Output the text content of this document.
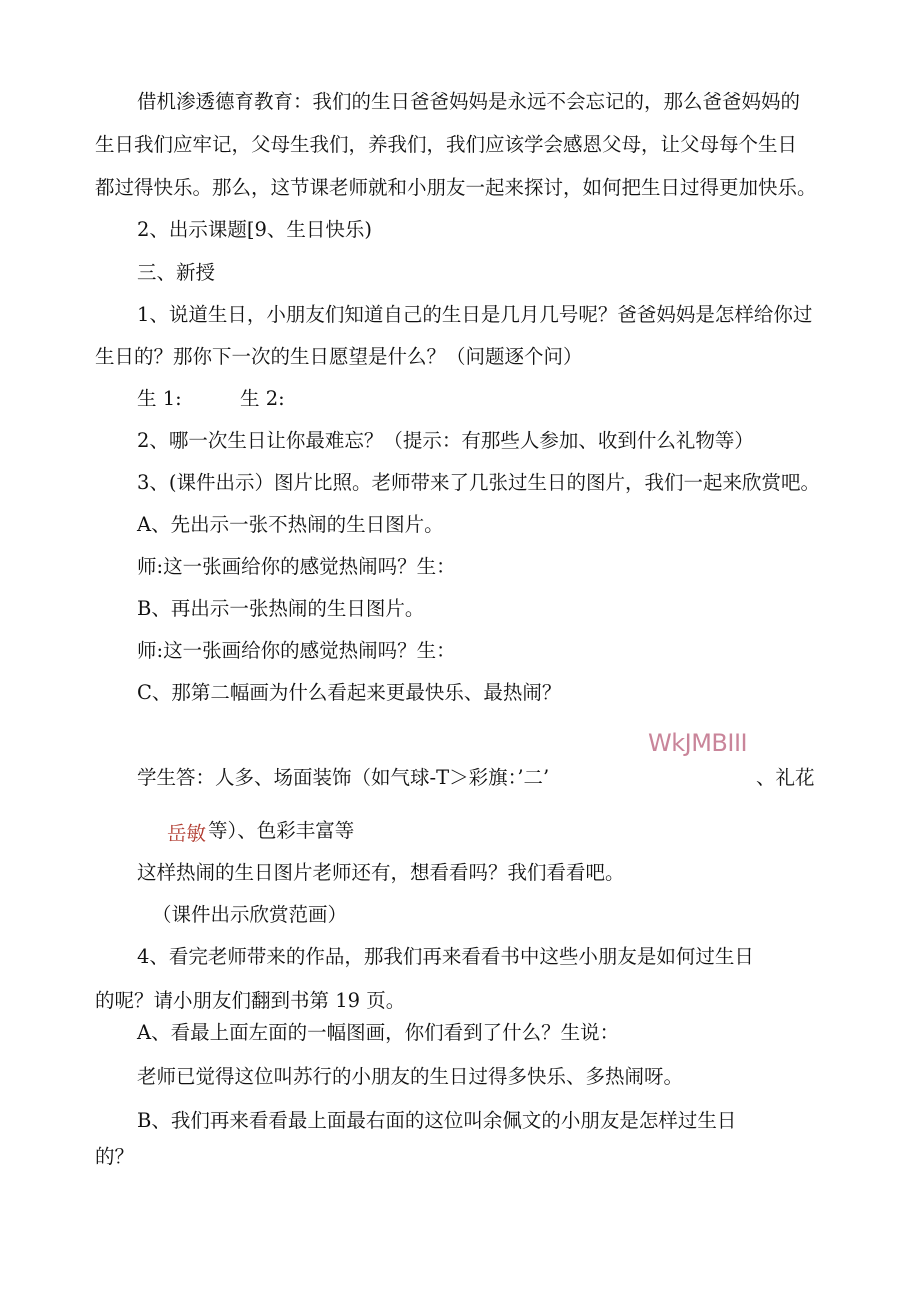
借机渗透德育教育：我们的生日爸爸妈妈是永远不会忘记的，那么爸爸妈妈的
生日我们应牢记，父母生我们，养我们，我们应该学会感恩父母，让父母每个生日
都过得快乐。那么，这节课老师就和小朋友一起来探讨，如何把生日过得更加快乐。
2、出示课题[9、生日快乐)
三、新授
1、说道生日，小朋友们知道自己的生日是几月几号呢？爸爸妈妈是怎样给你过
生日的？那你下一次的生日愿望是什么？（问题逐个问）
生 1:	生 2:
2、哪一次生日让你最难忘？（提示：有那些人参加、收到什么礼物等）
3、(课件出示）图片比照。老师带来了几张过生日的图片，我们一起来欣赏吧。
A、先出示一张不热闹的生日图片。
师:这一张画给你的感觉热闹吗？生：
B、再出示一张热闹的生日图片。
师:这一张画给你的感觉热闹吗？生：
C、那第二幅画为什么看起来更最快乐、最热闹？
WkJMBIII
学生答：人多、场面装饰（如气球-T＞彩旗：’二’	、礼花
岳敏 等）、色彩丰富等
这样热闹的生日图片老师还有，想看看吗？我们看看吧。
（课件出示欣赏范画）
4、看完老师带来的作品，那我们再来看看书中这些小朋友是如何过生日
的呢？请小朋友们翻到书第 19 页。
A、看最上面左面的一幅图画，你们看到了什么？生说：
老师已觉得这位叫苏行的小朋友的生日过得多快乐、多热闹呀。
B、我们再来看看最上面最右面的这位叫余佩文的小朋友是怎样过生日
的？
